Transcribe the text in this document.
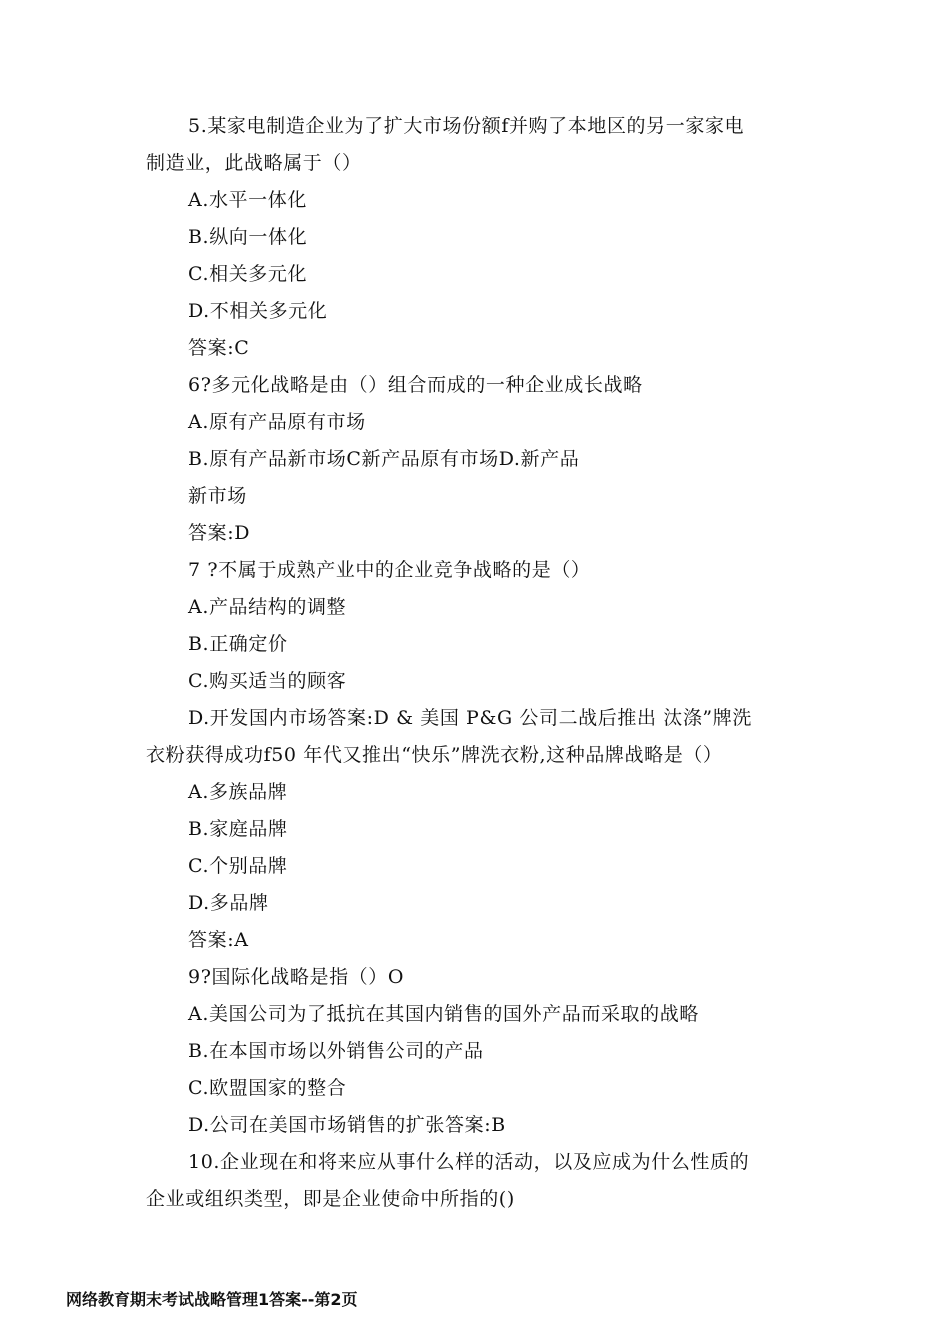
5.某家电制造企业为了扩大市场份额f并购了本地区的另一家家电
制造业，此战略属于（）
A.水平一体化
B.纵向一体化
C.相关多元化
D.不相关多元化
答案:C
6?多元化战略是由（）组合而成的一种企业成长战略
A.原有产品原有市场
B.原有产品新市场C新产品原有市场D.新产品
新市场
答案:D
7 ?不属于成熟产业中的企业竞争战略的是（）
A.产品结构的调整
B.正确定价
C.购买适当的顾客
D.开发国内市场答案:D & 美国 P&G 公司二战后推出 汰涤”牌洗
衣粉获得成功f50 年代又推出“快乐”牌洗衣粉,这种品牌战略是（）
A.多族品牌
B.家庭品牌
C.个别品牌
D.多品牌
答案:A
9?国际化战略是指（）O
A.美国公司为了抵抗在其国内销售的国外产品而采取的战略
B.在本国市场以外销售公司的产品
C.欧盟国家的整合
D.公司在美国市场销售的扩张答案:B
10.企业现在和将来应从事什么样的活动，以及应成为什么性质的
企业或组织类型，即是企业使命中所指的()
网络教育期末考试战略管理1答案--第2页
